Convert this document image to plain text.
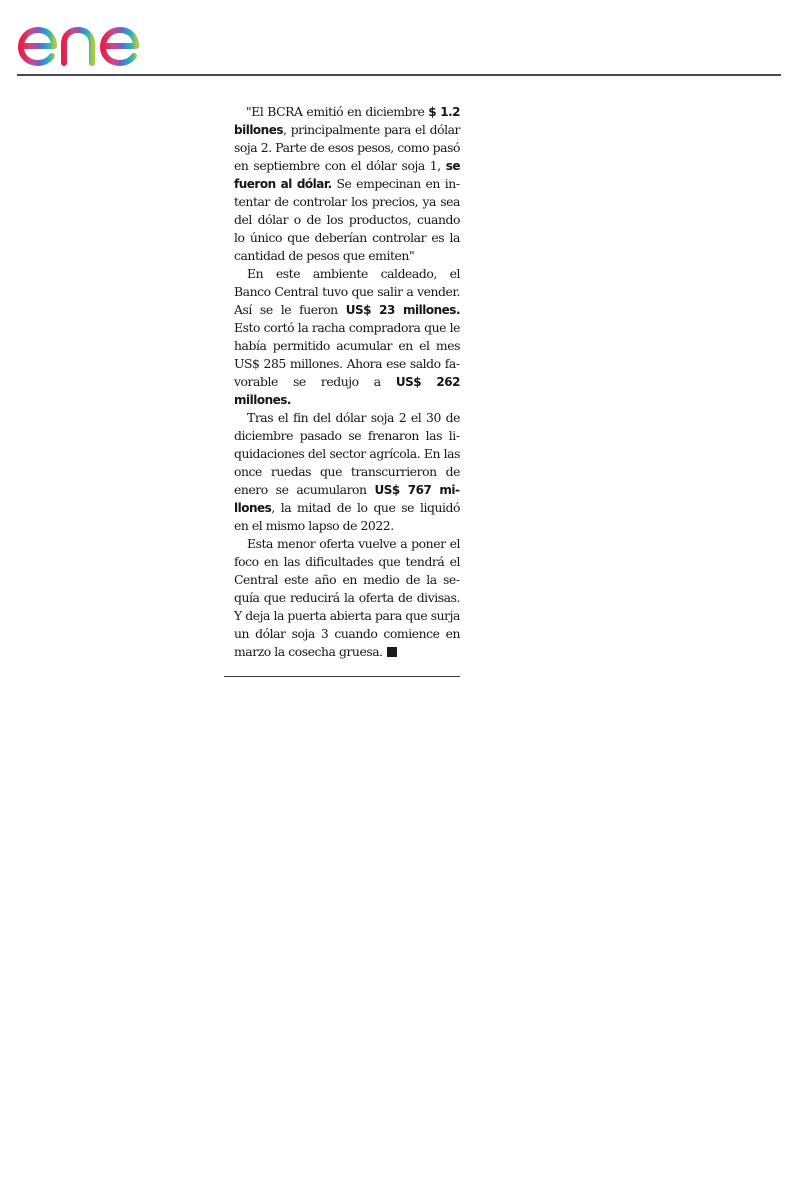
"El BCRA emitió en diciembre $ 1.2 billones, principalmente para el dólar soja 2. Parte de esos pesos, como pasó en septiembre con el dólar soja 1, se fueron al dólar. Se empecinan en intentar de controlar los precios, ya sea del dólar o de los productos, cuando lo único que deberían controlar es la cantidad de pesos que emiten"

En este ambiente caldeado, el Banco Central tuvo que salir a vender. Así se le fueron US$ 23 millones. Esto cortó la racha compradora que le había permitido acumular en el mes US$ 285 millones. Ahora ese saldo favorable se redujo a US$ 262 millones.

Tras el fin del dólar soja 2 el 30 de diciembre pasado se frenaron las liquidaciones del sector agrícola. En las once ruedas que transcurrieron de enero se acumularon US$ 767 millones, la mitad de lo que se liquidó en el mismo lapso de 2022.

Esta menor oferta vuelve a poner el foco en las dificultades que tendrá el Central este año en medio de la sequía que reducirá la oferta de divisas. Y deja la puerta abierta para que surja un dólar soja 3 cuando comience en marzo la cosecha gruesa.
